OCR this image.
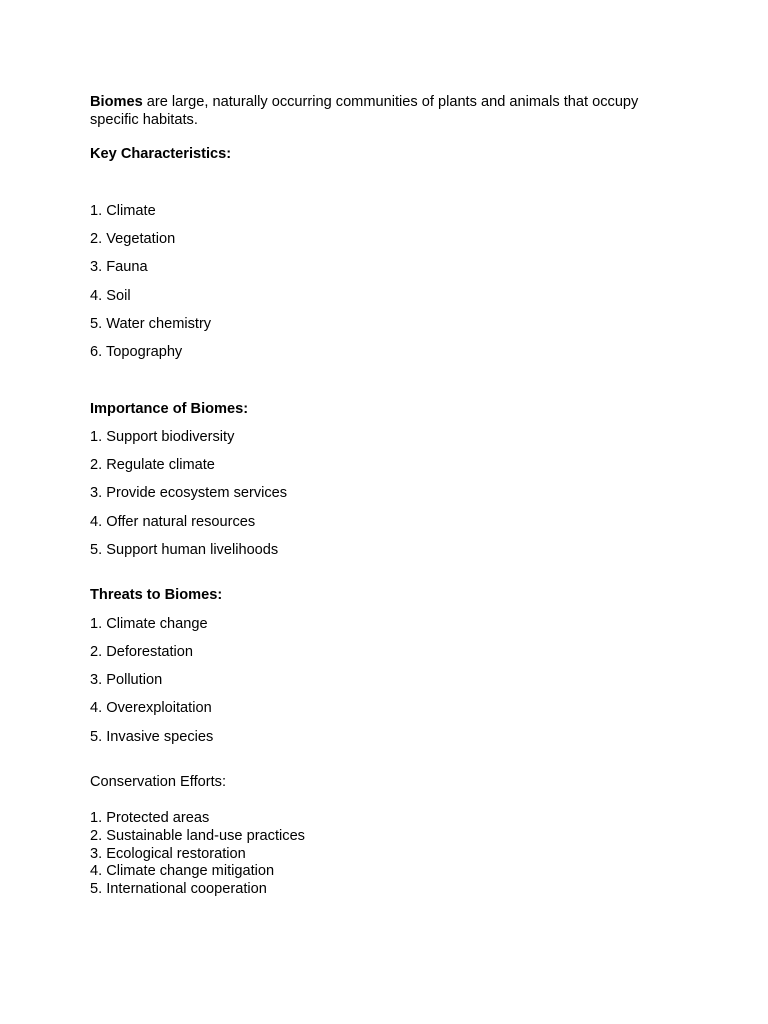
Biomes are large, naturally occurring communities of plants and animals that occupy specific habitats.
Key Characteristics:
1. Climate
2. Vegetation
3. Fauna
4. Soil
5. Water chemistry
6. Topography
Importance of Biomes:
1. Support biodiversity
2. Regulate climate
3. Provide ecosystem services
4. Offer natural resources
5. Support human livelihoods
Threats to Biomes:
1. Climate change
2. Deforestation
3. Pollution
4. Overexploitation
5. Invasive species
Conservation Efforts:
1. Protected areas
2. Sustainable land-use practices
3. Ecological restoration
4. Climate change mitigation
5. International cooperation
